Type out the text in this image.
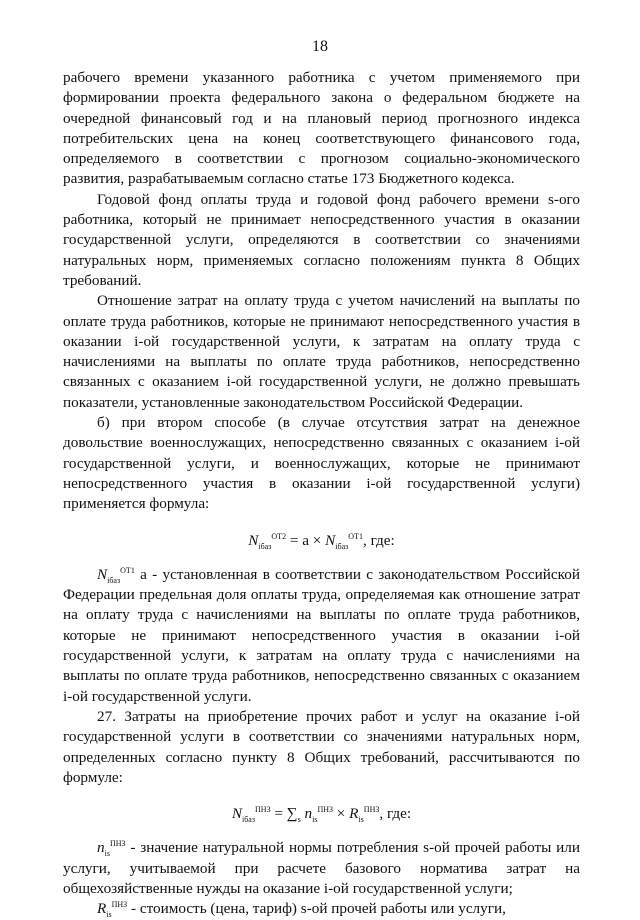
18

рабочего времени указанного работника с учетом применяемого при формировании проекта федерального закона о федеральном бюджете на очередной финансовый год и на плановый период прогнозного индекса потребительских цена на конец соответствующего финансового года, определяемого в соответствии с прогнозом социально-экономического развития, разрабатываемым согласно статье 173 Бюджетного кодекса.

Годовой фонд оплаты труда и годовой фонд рабочего времени s-ого работника, который не принимает непосредственного участия в оказании государственной услуги, определяются в соответствии со значениями натуральных норм, применяемых согласно положениям пункта 8 Общих требований.

Отношение затрат на оплату труда с учетом начислений на выплаты по оплате труда работников, которые не принимают непосредственного участия в оказании i-ой государственной услуги, к затратам на оплату труда с начислениями на выплаты по оплате труда работников, непосредственно связанных с оказанием i-ой государственной услуги, не должно превышать показатели, установленные законодательством Российской Федерации.

б) при втором способе (в случае отсутствия затрат на денежное довольствие военнослужащих, непосредственно связанных с оказанием i-ой государственной услуги, и военнослужащих, которые не принимают непосредственного участия в оказании i-ой государственной услуги) применяется формула:

$N_{iбаз}^{ОТ2} = a \times N_{iбаз}^{ОТ1}$, где:

$N_{iбаз}^{ОТ1}$ a - установленная в соответствии с законодательством Российской Федерации предельная доля оплаты труда, определяемая как отношение затрат на оплату труда с начислениями на выплаты по оплате труда работников, которые не принимают непосредственного участия в оказании i-ой государственной услуги, к затратам на оплату труда с начислениями на выплаты по оплате труда работников, непосредственно связанных с оказанием i-ой государственной услуги.

27. Затраты на приобретение прочих работ и услуг на оказание i-ой государственной услуги в соответствии со значениями натуральных норм, определенных согласно пункту 8 Общих требований, рассчитываются по формуле:

$N_{iбаз}^{ПНЗ} = \sum_s$ $n_{is}^{ПНЗ} \times R_{is}^{ПНЗ}$, где:

$n_{is}^{ПНЗ}$ - значение натуральной нормы потребления s-ой прочей работы или услуги, учитываемой при расчете базового норматива затрат на общехозяйственные нужды на оказание i-ой государственной услуги;

$R_{is}^{ПНЗ}$ - стоимость (цена, тариф) s-ой прочей работы или услуги,
